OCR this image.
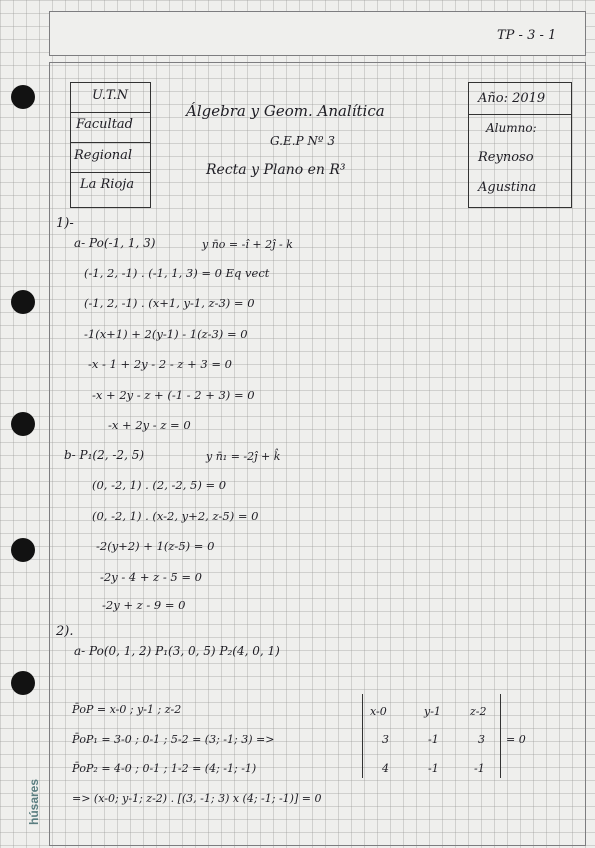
TP - 3 - 1
U.T.N
Facultad
Regional
La Rioja
Álgebra y Geom. Analítica
G.E.P Nº 3
Recta y Plano en R³
Año: 2019
Alumno:
Reynoso
Agustina
1)-
a- Po(-1, 1, 3)	y n̄o = -î + 2ĵ - k
(-1, 2, -1) . (-1, 1, 3) = 0 Eq vect
(-1, 2, -1) . (x+1, y-1, z-3) = 0
-1(x+1) + 2(y-1) - 1(z-3) = 0
-x - 1 + 2y - 2 - z + 3 = 0
-x + 2y - z + (-1 - 2 + 3) = 0
-x + 2y - z = 0
b- P₁(2, -2, 5)	y n̄₁ = -2ĵ + k̂
(0, -2, 1) . (2, -2, 5) = 0
(0, -2, 1) . (x-2, y+2, z-5) = 0
-2(y+2) + 1(z-5) = 0
-2y - 4 + z - 5 = 0
-2y + z - 9 = 0
2).
a- Po(0, 1, 2) P₁(3, 0, 5) P₂(4, 0, 1)
P̄oP = x-0 ; y-1 ; z-2
P̄oP₁ = 3-0 ; 0-1 ; 5-2 = (3; -1; 3) =>
P̄oP₂ = 4-0 ; 0-1 ; 1-2 = (4; -1; -1)
x-0	y-1	z-2
3	-1	3
4	-1	-1
= 0
=> (x-0; y-1; z-2) . [(3, -1; 3) x (4; -1; -1)] = 0
húsares
